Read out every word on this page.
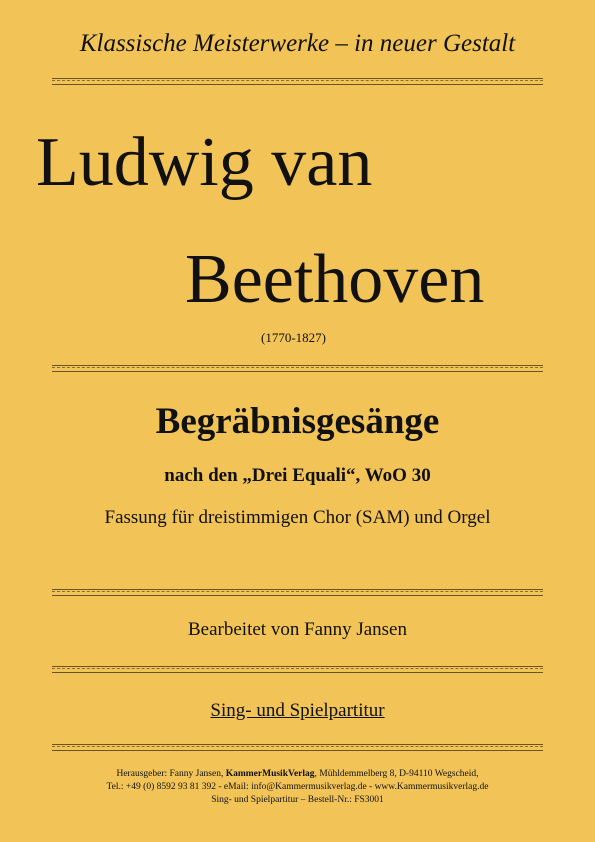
Klassische Meisterwerke – in neuer Gestalt
Ludwig van
Beethoven
(1770-1827)
Begräbnisgesänge
nach den „Drei Equali“, WoO 30
Fassung für dreistimmigen Chor (SAM) und Orgel
Bearbeitet von Fanny Jansen
Sing- und Spielpartitur
Herausgeber: Fanny Jansen, KammerMusikVerlag, Mühldemmelberg 8, D-94110 Wegscheid,
Tel.: +49 (0) 8592 93 81 392 - eMail: info@Kammermusikverlag.de - www.Kammermusikverlag.de
Sing- und Spielpartitur – Bestell-Nr.: FS3001
